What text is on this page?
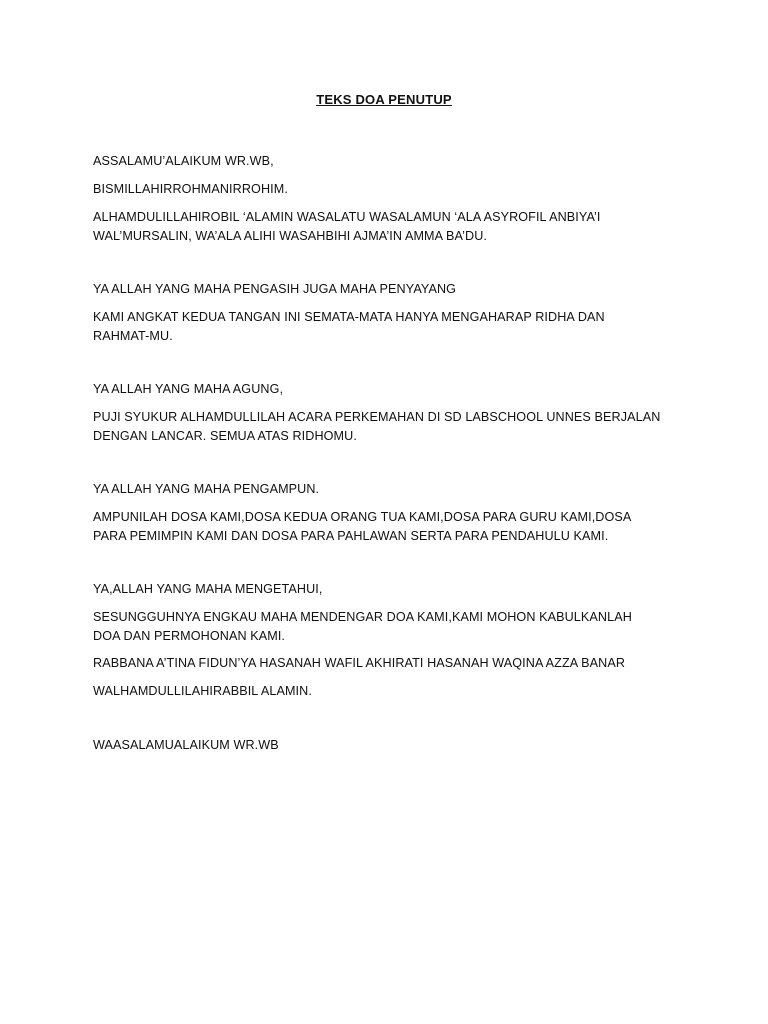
TEKS DOA PENUTUP
ASSALAMU’ALAIKUM WR.WB,
BISMILLAHIRROHMANIRROHIM.
ALHAMDULILLAHIROBIL ‘ALAMIN WASALATU WASALAMUN ‘ALA ASYROFIL ANBIYA’I
WAL’MURSALIN, WA’ALA ALIHI WASAHBIHI AJMA’IN AMMA BA’DU.
YA ALLAH YANG MAHA PENGASIH JUGA MAHA PENYAYANG
KAMI ANGKAT KEDUA TANGAN INI SEMATA-MATA HANYA MENGAHARAP RIDHA DAN
RAHMAT-MU.
YA ALLAH YANG MAHA AGUNG,
PUJI SYUKUR ALHAMDULLILAH ACARA PERKEMAHAN DI SD LABSCHOOL UNNES BERJALAN
DENGAN LANCAR. SEMUA ATAS RIDHOMU.
YA ALLAH YANG MAHA PENGAMPUN.
AMPUNILAH DOSA KAMI,DOSA KEDUA ORANG TUA KAMI,DOSA PARA GURU KAMI,DOSA
PARA PEMIMPIN KAMI DAN DOSA PARA PAHLAWAN SERTA PARA PENDAHULU KAMI.
YA,ALLAH YANG MAHA MENGETAHUI,
SESUNGGUHNYA ENGKAU MAHA MENDENGAR DOA KAMI,KAMI MOHON KABULKANLAH
DOA DAN PERMOHONAN KAMI.
RABBANA A’TINA FIDUN’YA HASANAH WAFIL AKHIRATI HASANAH WAQINA AZZA BANAR
WALHAMDULLILAHIRABBIL ALAMIN.
WAASALAMUALAIKUM WR.WB
